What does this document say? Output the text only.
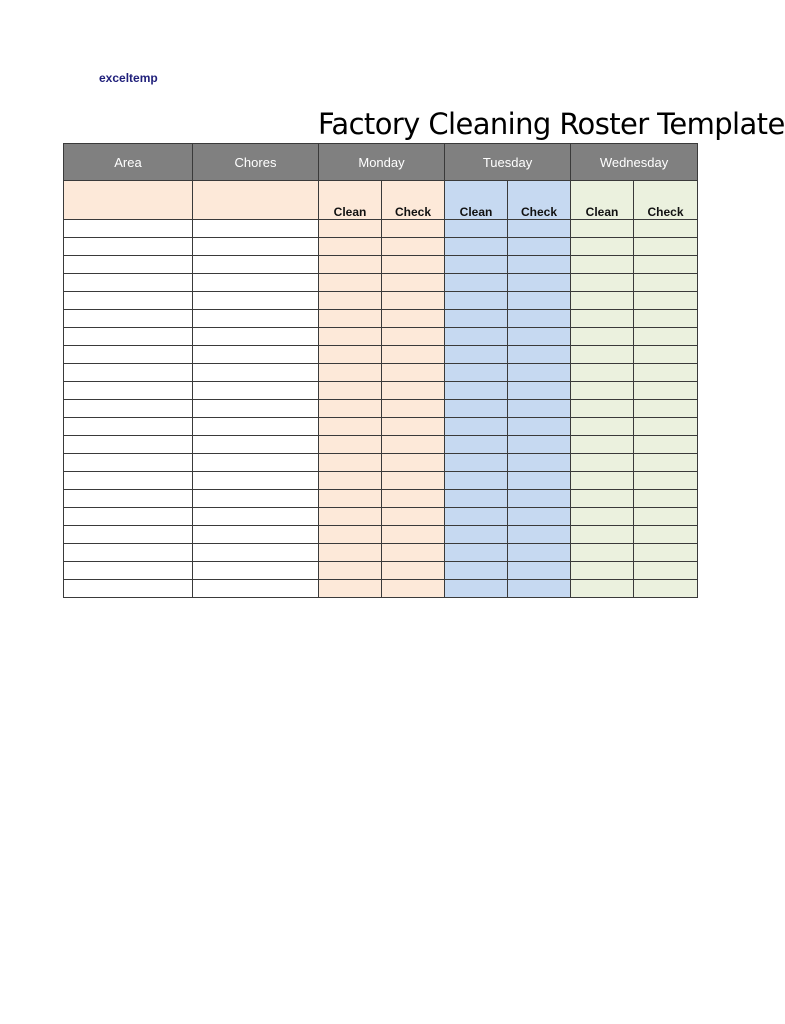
exceltemp
Factory Cleaning Roster Template
Area	Chores	Monday		Tuesday		Wednesday	
		Clean	Check	Clean	Check	Clean	Check
